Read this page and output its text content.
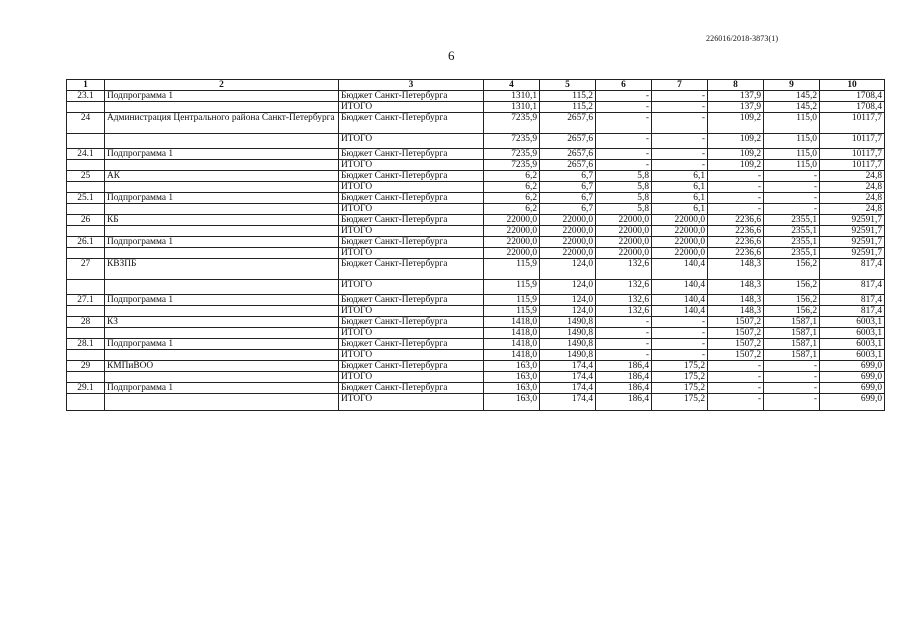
226016/2018-3873(1)
6
1	2	3	4	5	6	7	8	9	10
23.1	Подпрограмма 1	Бюджет Санкт-Петербурга	1310,1	115,2	-	-	137,9	145,2	1708,4
		ИТОГО	1310,1	115,2	-	-	137,9	145,2	1708,4
24	Администрация Центрального района Санкт-Петербурга	Бюджет Санкт-Петербурга	7235,9	2657,6	-	-	109,2	115,0	10117,7
		ИТОГО	7235,9	2657,6	-	-	109,2	115,0	10117,7
24.1	Подпрограмма 1	Бюджет Санкт-Петербурга	7235,9	2657,6	-	-	109,2	115,0	10117,7
		ИТОГО	7235,9	2657,6	-	-	109,2	115,0	10117,7
25	АК	Бюджет Санкт-Петербурга	6,2	6,7	5,8	6,1	-	-	24,8
		ИТОГО	6,2	6,7	5,8	6,1	-	-	24,8
25.1	Подпрограмма 1	Бюджет Санкт-Петербурга	6,2	6,7	5,8	6,1	-	-	24,8
		ИТОГО	6,2	6,7	5,8	6,1	-	-	24,8
26	КБ	Бюджет Санкт-Петербурга	22000,0	22000,0	22000,0	22000,0	2236,6	2355,1	92591,7
		ИТОГО	22000,0	22000,0	22000,0	22000,0	2236,6	2355,1	92591,7
26.1	Подпрограмма 1	Бюджет Санкт-Петербурга	22000,0	22000,0	22000,0	22000,0	2236,6	2355,1	92591,7
		ИТОГО	22000,0	22000,0	22000,0	22000,0	2236,6	2355,1	92591,7
27	КВЗПБ	Бюджет Санкт-Петербурга	115,9	124,0	132,6	140,4	148,3	156,2	817,4
		ИТОГО	115,9	124,0	132,6	140,4	148,3	156,2	817,4
27.1	Подпрограмма 1	Бюджет Санкт-Петербурга	115,9	124,0	132,6	140,4	148,3	156,2	817,4
		ИТОГО	115,9	124,0	132,6	140,4	148,3	156,2	817,4
28	КЗ	Бюджет Санкт-Петербурга	1418,0	1490,8	-	-	1507,2	1587,1	6003,1
		ИТОГО	1418,0	1490,8	-	-	1507,2	1587,1	6003,1
28.1	Подпрограмма 1	Бюджет Санкт-Петербурга	1418,0	1490,8	-	-	1507,2	1587,1	6003,1
		ИТОГО	1418,0	1490,8	-	-	1507,2	1587,1	6003,1
29	КМПиВОО	Бюджет Санкт-Петербурга	163,0	174,4	186,4	175,2	-	-	699,0
		ИТОГО	163,0	174,4	186,4	175,2	-	-	699,0
29.1	Подпрограмма 1	Бюджет Санкт-Петербурга	163,0	174,4	186,4	175,2	-	-	699,0
		ИТОГО	163,0	174,4	186,4	175,2	-	-	699,0
